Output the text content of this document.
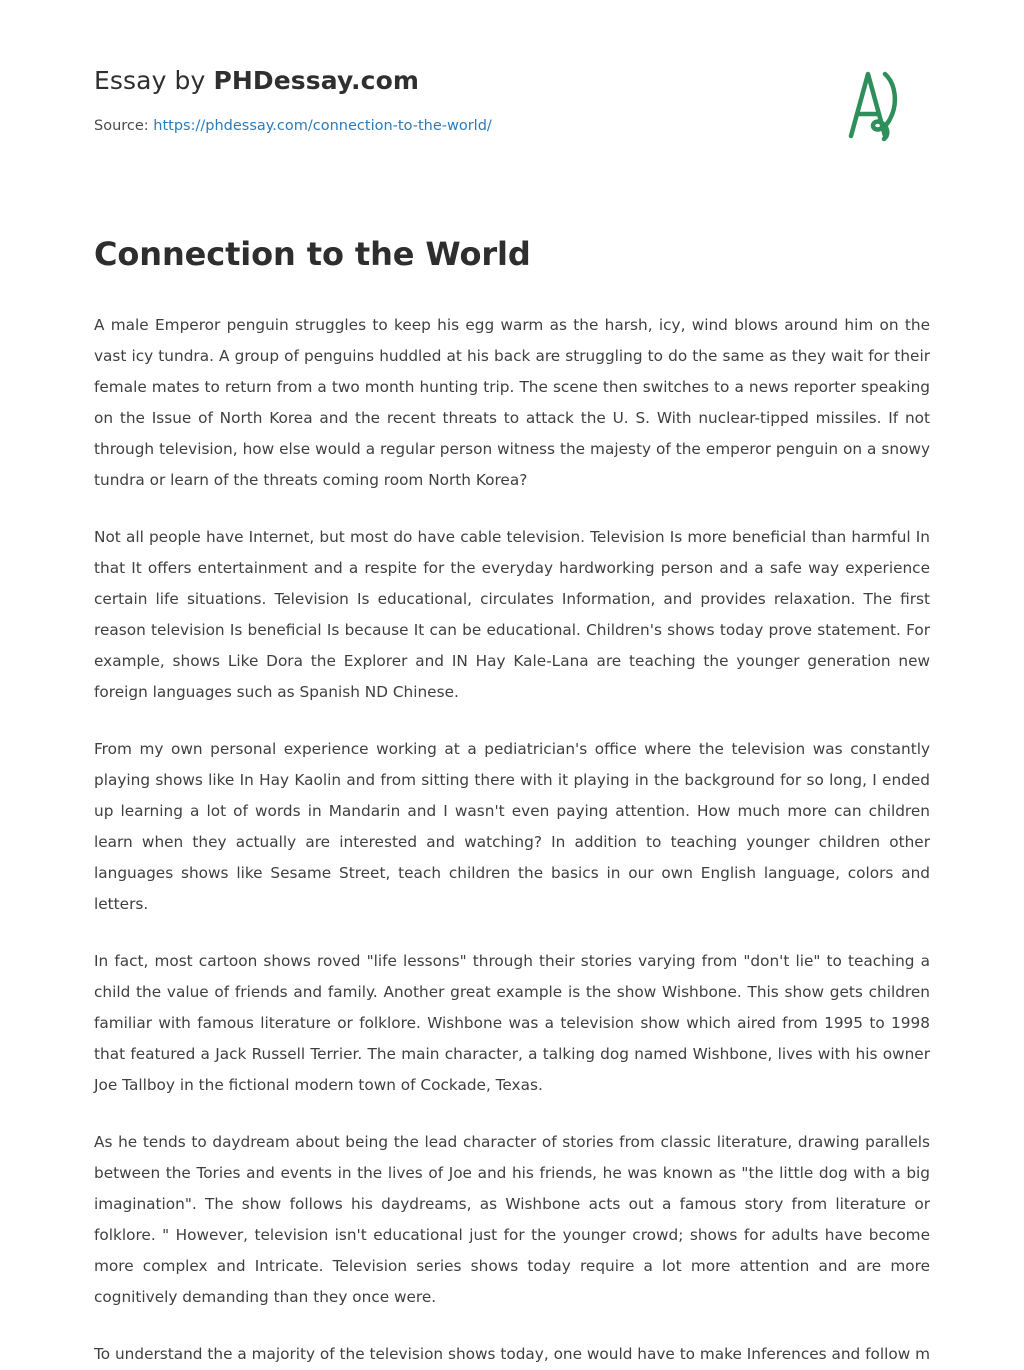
Essay by PHDessay.com
Source: https://phdessay.com/connection-to-the-world/
Connection to the World

A male Emperor penguin struggles to keep his egg warm as the harsh, icy, wind blows around him on the vast icy tundra. A group of penguins huddled at his back are struggling to do the same as they wait for their female mates to return from a two month hunting trip. The scene then switches to a news reporter speaking on the Issue of North Korea and the recent threats to attack the U. S. With nuclear-tipped missiles. If not through television, how else would a regular person witness the majesty of the emperor penguin on a snowy tundra or learn of the threats coming room North Korea?

Not all people have Internet, but most do have cable television. Television Is more beneficial than harmful In that It offers entertainment and a respite for the everyday hardworking person and a safe way experience certain life situations. Television Is educational, circulates Information, and provides relaxation. The first reason television Is beneficial Is because It can be educational. Children's shows today prove statement. For example, shows Like Dora the Explorer and IN Hay Kale-Lana are teaching the younger generation new foreign languages such as Spanish ND Chinese.

From my own personal experience working at a pediatrician's office where the television was constantly playing shows like In Hay Kaolin and from sitting there with it playing in the background for so long, I ended up learning a lot of words in Mandarin and I wasn't even paying attention. How much more can children learn when they actually are interested and watching? In addition to teaching younger children other languages shows like Sesame Street, teach children the basics in our own English language, colors and letters.

In fact, most cartoon shows roved "life lessons" through their stories varying from "don't lie" to teaching a child the value of friends and family. Another great example is the show Wishbone. This show gets children familiar with famous literature or folklore. Wishbone was a television show which aired from 1995 to 1998 that featured a Jack Russell Terrier. The main character, a talking dog named Wishbone, lives with his owner Joe Tallboy in the fictional modern town of Cockade, Texas.

As he tends to daydream about being the lead character of stories from classic literature, drawing parallels between the Tories and events in the lives of Joe and his friends, he was known as "the little dog with a big imagination". The show follows his daydreams, as Wishbone acts out a famous story from literature or folklore. " However, television isn't educational just for the younger crowd; shows for adults have become more complex and Intricate. Television series shows today require a lot more attention and are more cognitively demanding than they once were.

To understand the a majority of the television shows today, one would have to make Inferences and follow m
